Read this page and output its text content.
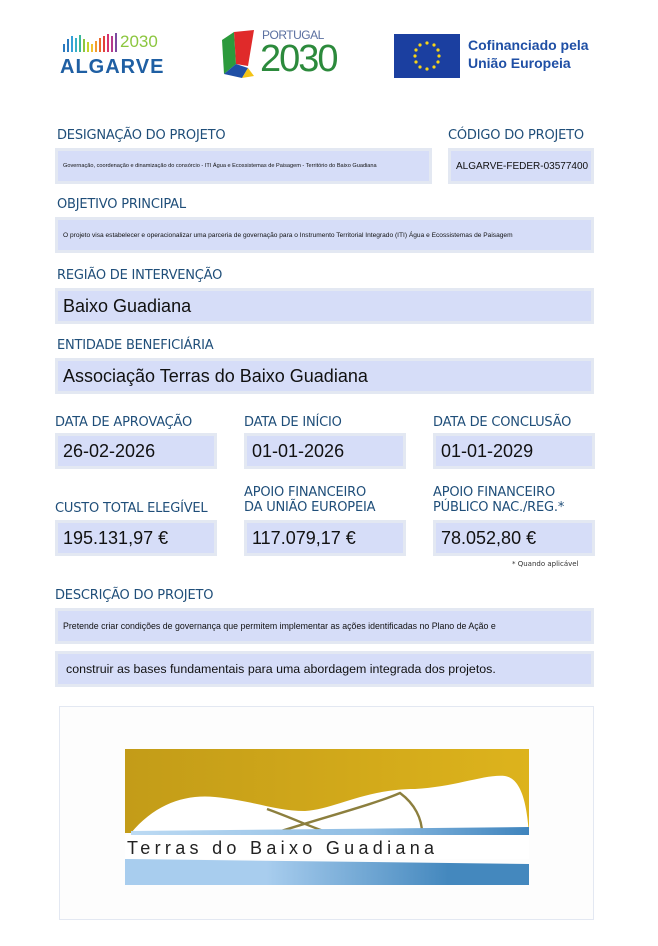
2030
ALGARVE
PORTUGAL
2030	Cofinanciado pela
União Europeia
DESIGNAÇÃO DO PROJETO
Governação, coordenação e dinamização do consórcio - ITI Água e Ecossistemas de Paisagem - Território do Baixo Guadiana
CÓDIGO DO PROJETO
ALGARVE-FEDER-03577400
OBJETIVO PRINCIPAL
O projeto visa estabelecer e operacionalizar uma parceria de governação para o Instrumento Territorial Integrado (ITI) Água e Ecossistemas de Paisagem
REGIÃO DE INTERVENÇÃO
Baixo Guadiana
ENTIDADE BENEFICIÁRIA
Associação Terras do Baixo Guadiana
DATA DE APROVAÇÃO
26-02-2026
DATA DE INÍCIO
01-01-2026
DATA DE CONCLUSÃO
01-01-2029
CUSTO TOTAL ELEGÍVEL
195.131,97 €
APOIO FINANCEIRO
DA UNIÃO EUROPEIA
117.079,17 €
APOIO FINANCEIRO
PÚBLICO NAC./REG.*
78.052,80 €
* Quando aplicável
DESCRIÇÃO DO PROJETO
Pretende criar condições de governança que permitem implementar as ações identificadas no Plano de Ação e
construir as bases fundamentais para uma abordagem integrada dos projetos.
Terras do Baixo Guadiana
